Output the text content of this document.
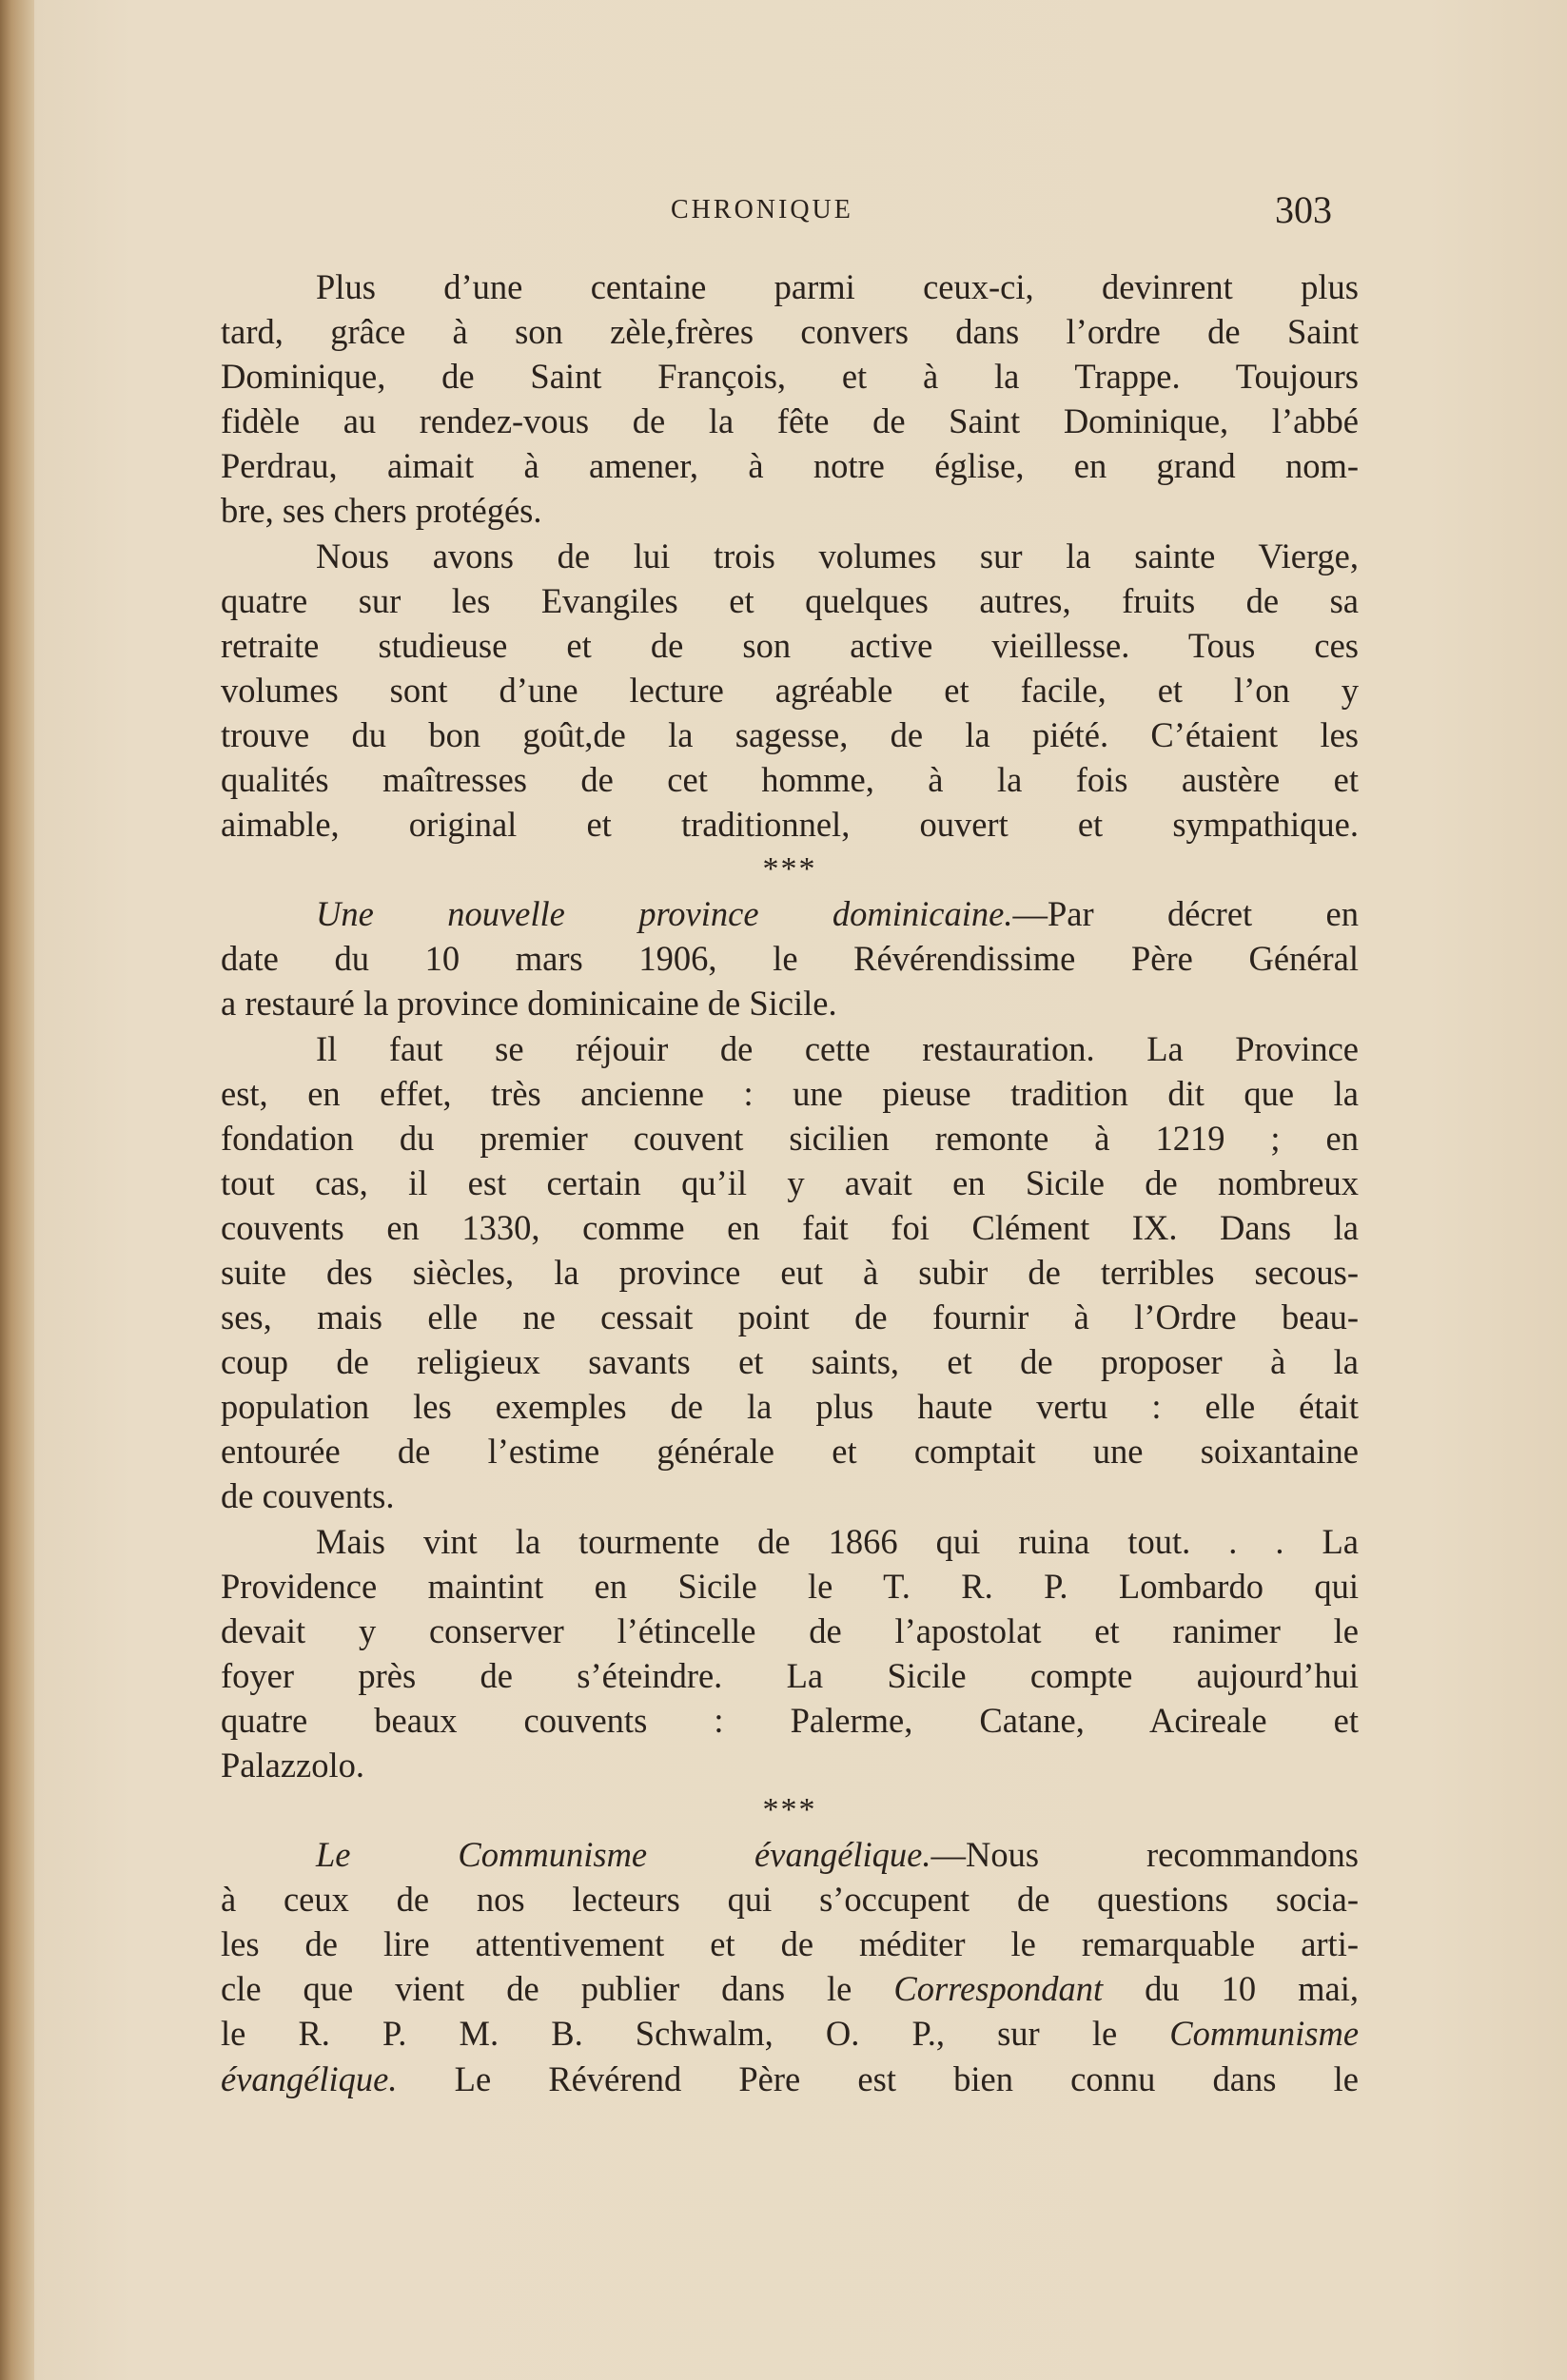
CHRONIQUE	303
Plus d’une centaine parmi ceux-ci, devinrent plus
tard, grâce à son zèle,frères convers dans l’ordre de Saint
Dominique, de Saint François, et à la Trappe. Toujours
fidèle au rendez-vous de la fête de Saint Dominique, l’abbé
Perdrau, aimait à amener, à notre église, en grand nom-
bre, ses chers protégés.
Nous avons de lui trois volumes sur la sainte Vierge,
quatre sur les Evangiles et quelques autres, fruits de sa
retraite studieuse et de son active vieillesse. Tous ces
volumes sont d’une lecture agréable et facile, et l’on y
trouve du bon goût,de la sagesse, de la piété. C’étaient les
qualités maîtresses de cet homme, à la fois austère et
aimable, original et traditionnel, ouvert et sympathique.
***
Une nouvelle province dominicaine.—Par décret en
date du 10 mars 1906, le Révérendissime Père Général
a restauré la province dominicaine de Sicile.
Il faut se réjouir de cette restauration. La Province
est, en effet, très ancienne : une pieuse tradition dit que la
fondation du premier couvent sicilien remonte à 1219 ; en
tout cas, il est certain qu’il y avait en Sicile de nombreux
couvents en 1330, comme en fait foi Clément IX. Dans la
suite des siècles, la province eut à subir de terribles secous-
ses, mais elle ne cessait point de fournir à l’Ordre beau-
coup de religieux savants et saints, et de proposer à la
population les exemples de la plus haute vertu : elle était
entourée de l’estime générale et comptait une soixantaine
de couvents.
Mais vint la tourmente de 1866 qui ruina tout. . . La
Providence maintint en Sicile le T. R. P. Lombardo qui
devait y conserver l’étincelle de l’apostolat et ranimer le
foyer près de s’éteindre. La Sicile compte aujourd’hui
quatre beaux couvents : Palerme, Catane, Acireale et
Palazzolo.
***
Le Communisme évangélique.—Nous recommandons
à ceux de nos lecteurs qui s’occupent de questions socia-
les de lire attentivement et de méditer le remarquable arti-
cle que vient de publier dans le Correspondant du 10 mai,
le R. P. M. B. Schwalm, O. P., sur le Communisme
évangélique. Le Révérend Père est bien connu dans le
